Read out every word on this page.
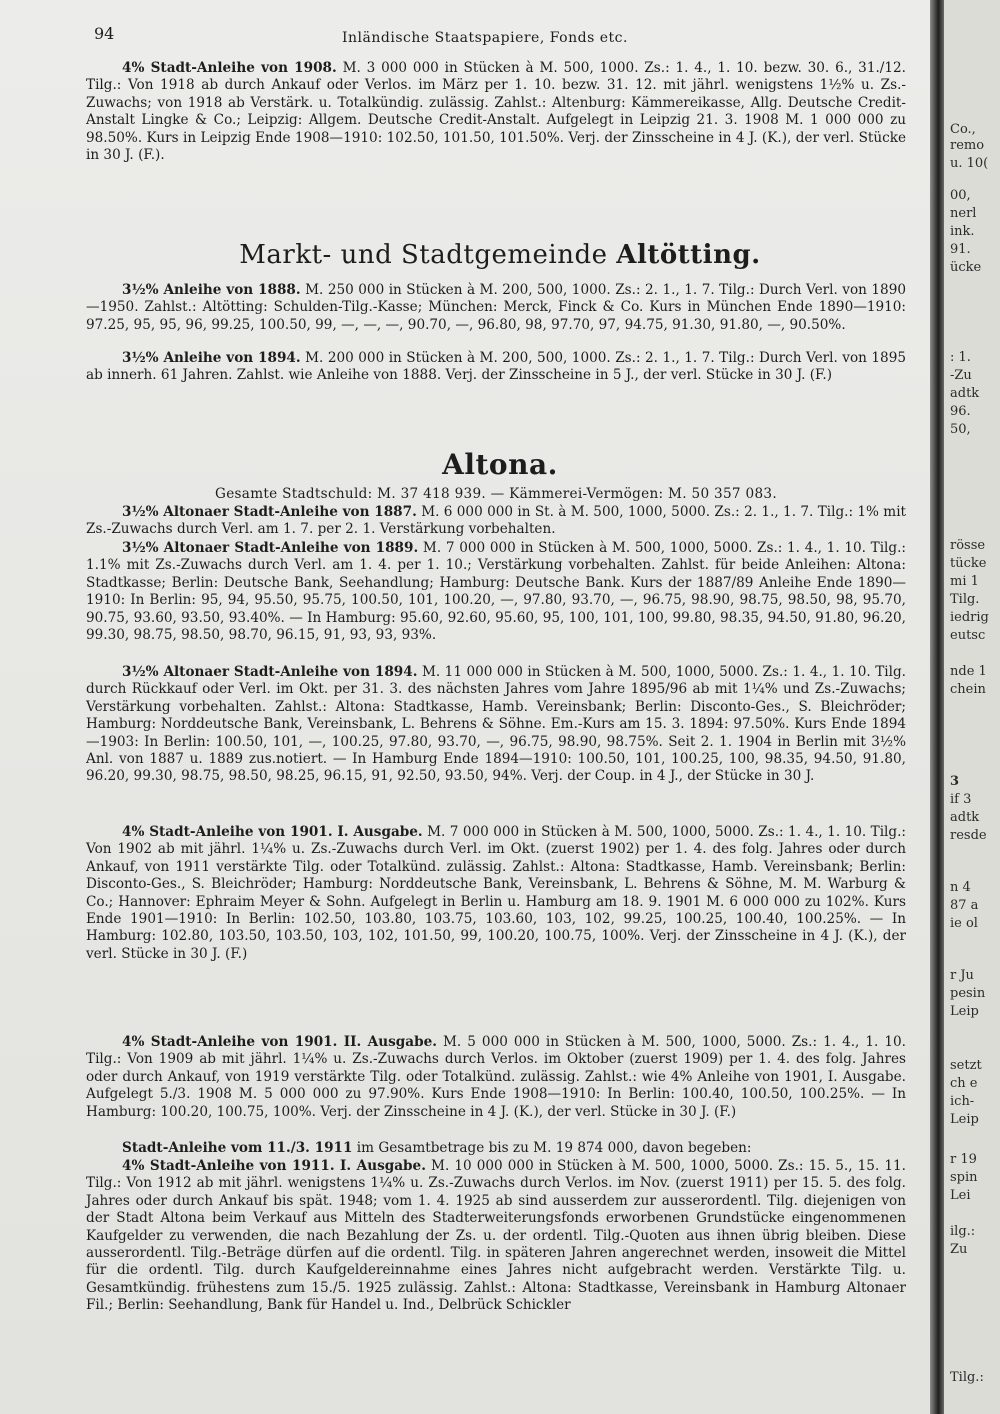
94	Inländische Staatspapiere, Fonds etc.

4% Stadt-Anleihe von 1908. M. 3 000 000 in Stücken à M. 500, 1000. Zs.: 1. 4., 1. 10. bezw. 30. 6., 31./12. Tilg.: Von 1918 ab durch Ankauf oder Verlos. im März per 1. 10. bezw. 31. 12. mit jährl. wenigstens 1½% u. Zs.-Zuwachs; von 1918 ab Verstärk. u. Totalkündig. zulässig. Zahlst.: Altenburg: Kämmereikasse, Allg. Deutsche Credit-Anstalt Lingke & Co.; Leipzig: Allgem. Deutsche Credit-Anstalt. Aufgelegt in Leipzig 21. 3. 1908 M. 1 000 000 zu 98.50%. Kurs in Leipzig Ende 1908—1910: 102.50, 101.50, 101.50%. Verj. der Zinsscheine in 4 J. (K.), der verl. Stücke in 30 J. (F.).

Markt- und Stadtgemeinde Altötting.

3½% Anleihe von 1888. M. 250 000 in Stücken à M. 200, 500, 1000. Zs.: 2. 1., 1. 7. Tilg.: Durch Verl. von 1890—1950. Zahlst.: Altötting: Schulden-Tilg.-Kasse; München: Merck, Finck & Co. Kurs in München Ende 1890—1910: 97.25, 95, 95, 96, 99.25, 100.50, 99, —, —, —, 90.70, —, 96.80, 98, 97.70, 97, 94.75, 91.30, 91.80, —, 90.50%.

3½% Anleihe von 1894. M. 200 000 in Stücken à M. 200, 500, 1000. Zs.: 2. 1., 1. 7. Tilg.: Durch Verl. von 1895 ab innerh. 61 Jahren. Zahlst. wie Anleihe von 1888. Verj. der Zinsscheine in 5 J., der verl. Stücke in 30 J. (F.)

Altona.
Gesamte Stadtschuld: M. 37 418 939. — Kämmerei-Vermögen: M. 50 357 083.

3½% Altonaer Stadt-Anleihe von 1887. M. 6 000 000 in St. à M. 500, 1000, 5000. Zs.: 2. 1., 1. 7. Tilg.: 1% mit Zs.-Zuwachs durch Verl. am 1. 7. per 2. 1. Verstärkung vorbehalten.

3½% Altonaer Stadt-Anleihe von 1889. M. 7 000 000 in Stücken à M. 500, 1000, 5000. Zs.: 1. 4., 1. 10. Tilg.: 1.1% mit Zs.-Zuwachs durch Verl. am 1. 4. per 1. 10.; Verstärkung vorbehalten. Zahlst. für beide Anleihen: Altona: Stadtkasse; Berlin: Deutsche Bank, Seehandlung; Hamburg: Deutsche Bank. Kurs der 1887/89 Anleihe Ende 1890—1910: In Berlin: 95, 94, 95.50, 95.75, 100.50, 101, 100.20, —, 97.80, 93.70, —, 96.75, 98.90, 98.75, 98.50, 98, 95.70, 90.75, 93.60, 93.50, 93.40%. — In Hamburg: 95.60, 92.60, 95.60, 95, 100, 101, 100, 99.80, 98.35, 94.50, 91.80, 96.20, 99.30, 98.75, 98.50, 98.70, 96.15, 91, 93, 93, 93%.

3½% Altonaer Stadt-Anleihe von 1894. M. 11 000 000 in Stücken à M. 500, 1000, 5000. Zs.: 1. 4., 1. 10. Tilg. durch Rückkauf oder Verl. im Okt. per 31. 3. des nächsten Jahres vom Jahre 1895/96 ab mit 1¼% und Zs.-Zuwachs; Verstärkung vorbehalten. Zahlst.: Altona: Stadtkasse, Hamb. Vereinsbank; Berlin: Disconto-Ges., S. Bleichröder; Hamburg: Norddeutsche Bank, Vereinsbank, L. Behrens & Söhne. Em.-Kurs am 15. 3. 1894: 97.50%. Kurs Ende 1894—1903: In Berlin: 100.50, 101, —, 100.25, 97.80, 93.70, —, 96.75, 98.90, 98.75%. Seit 2. 1. 1904 in Berlin mit 3½% Anl. von 1887 u. 1889 zus.notiert. — In Hamburg Ende 1894—1910: 100.50, 101, 100.25, 100, 98.35, 94.50, 91.80, 96.20, 99.30, 98.75, 98.50, 98.25, 96.15, 91, 92.50, 93.50, 94%. Verj. der Coup. in 4 J., der Stücke in 30 J.

4% Stadt-Anleihe von 1901. I. Ausgabe. M. 7 000 000 in Stücken à M. 500, 1000, 5000. Zs.: 1. 4., 1. 10. Tilg.: Von 1902 ab mit jährl. 1¼% u. Zs.-Zuwachs durch Verl. im Okt. (zuerst 1902) per 1. 4. des folg. Jahres oder durch Ankauf, von 1911 verstärkte Tilg. oder Totalkünd. zulässig. Zahlst.: Altona: Stadtkasse, Hamb. Vereinsbank; Berlin: Disconto-Ges., S. Bleichröder; Hamburg: Norddeutsche Bank, Vereinsbank, L. Behrens & Söhne, M. M. Warburg & Co.; Hannover: Ephraim Meyer & Sohn. Aufgelegt in Berlin u. Hamburg am 18. 9. 1901 M. 6 000 000 zu 102%. Kurs Ende 1901—1910: In Berlin: 102.50, 103.80, 103.75, 103.60, 103, 102, 99.25, 100.25, 100.40, 100.25%. — In Hamburg: 102.80, 103.50, 103.50, 103, 102, 101.50, 99, 100.20, 100.75, 100%. Verj. der Zinsscheine in 4 J. (K.), der verl. Stücke in 30 J. (F.)

4% Stadt-Anleihe von 1901. II. Ausgabe. M. 5 000 000 in Stücken à M. 500, 1000, 5000. Zs.: 1. 4., 1. 10. Tilg.: Von 1909 ab mit jährl. 1¼% u. Zs.-Zuwachs durch Verlos. im Oktober (zuerst 1909) per 1. 4. des folg. Jahres oder durch Ankauf, von 1919 verstärkte Tilg. oder Totalkünd. zulässig. Zahlst.: wie 4% Anleihe von 1901, I. Ausgabe. Aufgelegt 5./3. 1908 M. 5 000 000 zu 97.90%. Kurs Ende 1908—1910: In Berlin: 100.40, 100.50, 100.25%. — In Hamburg: 100.20, 100.75, 100%. Verj. der Zinsscheine in 4 J. (K.), der verl. Stücke in 30 J. (F.)

Stadt-Anleihe vom 11./3. 1911 im Gesamtbetrage bis zu M. 19 874 000, davon begeben:

4% Stadt-Anleihe von 1911. I. Ausgabe. M. 10 000 000 in Stücken à M. 500, 1000, 5000. Zs.: 15. 5., 15. 11. Tilg.: Von 1912 ab mit jährl. wenigstens 1¼% u. Zs.-Zuwachs durch Verlos. im Nov. (zuerst 1911) per 15. 5. des folg. Jahres oder durch Ankauf bis spät. 1948; vom 1. 4. 1925 ab sind ausserdem zur ausserordentl. Tilg. diejenigen von der Stadt Altona beim Verkauf aus Mitteln des Stadterweiterungsfonds erworbenen Grundstücke eingenommenen Kaufgelder zu verwenden, die nach Bezahlung der Zs. u. der ordentl. Tilg.-Quoten aus ihnen übrig bleiben. Diese ausserordentl. Tilg.-Beträge dürfen auf die ordentl. Tilg. in späteren Jahren angerechnet werden, insoweit die Mittel für die ordentl. Tilg. durch Kaufgeldereinnahme eines Jahres nicht aufgebracht werden. Verstärkte Tilg. u. Gesamtkündig. frühestens zum 15./5. 1925 zulässig. Zahlst.: Altona: Stadtkasse, Vereinsbank in Hamburg Altonaer Fil.; Berlin: Seehandlung, Bank für Handel u. Ind., Delbrück Schickler

Co.,
remo
u. 10(
00,
nerl
ink.
91.
ücke
: 1.
-Zu
adtk
96.
50,
rösse
tücke
mi 1
Tilg.
iedrig
eutsc
nde 1
chein
3
if 3
adtk
resde
n 4
87 a
ie ol
r Ju
pesin
Leip
setzt
ch e
ich-
Leip
r 19
spin
Lei
ilg.:
Zu
Tilg.:
